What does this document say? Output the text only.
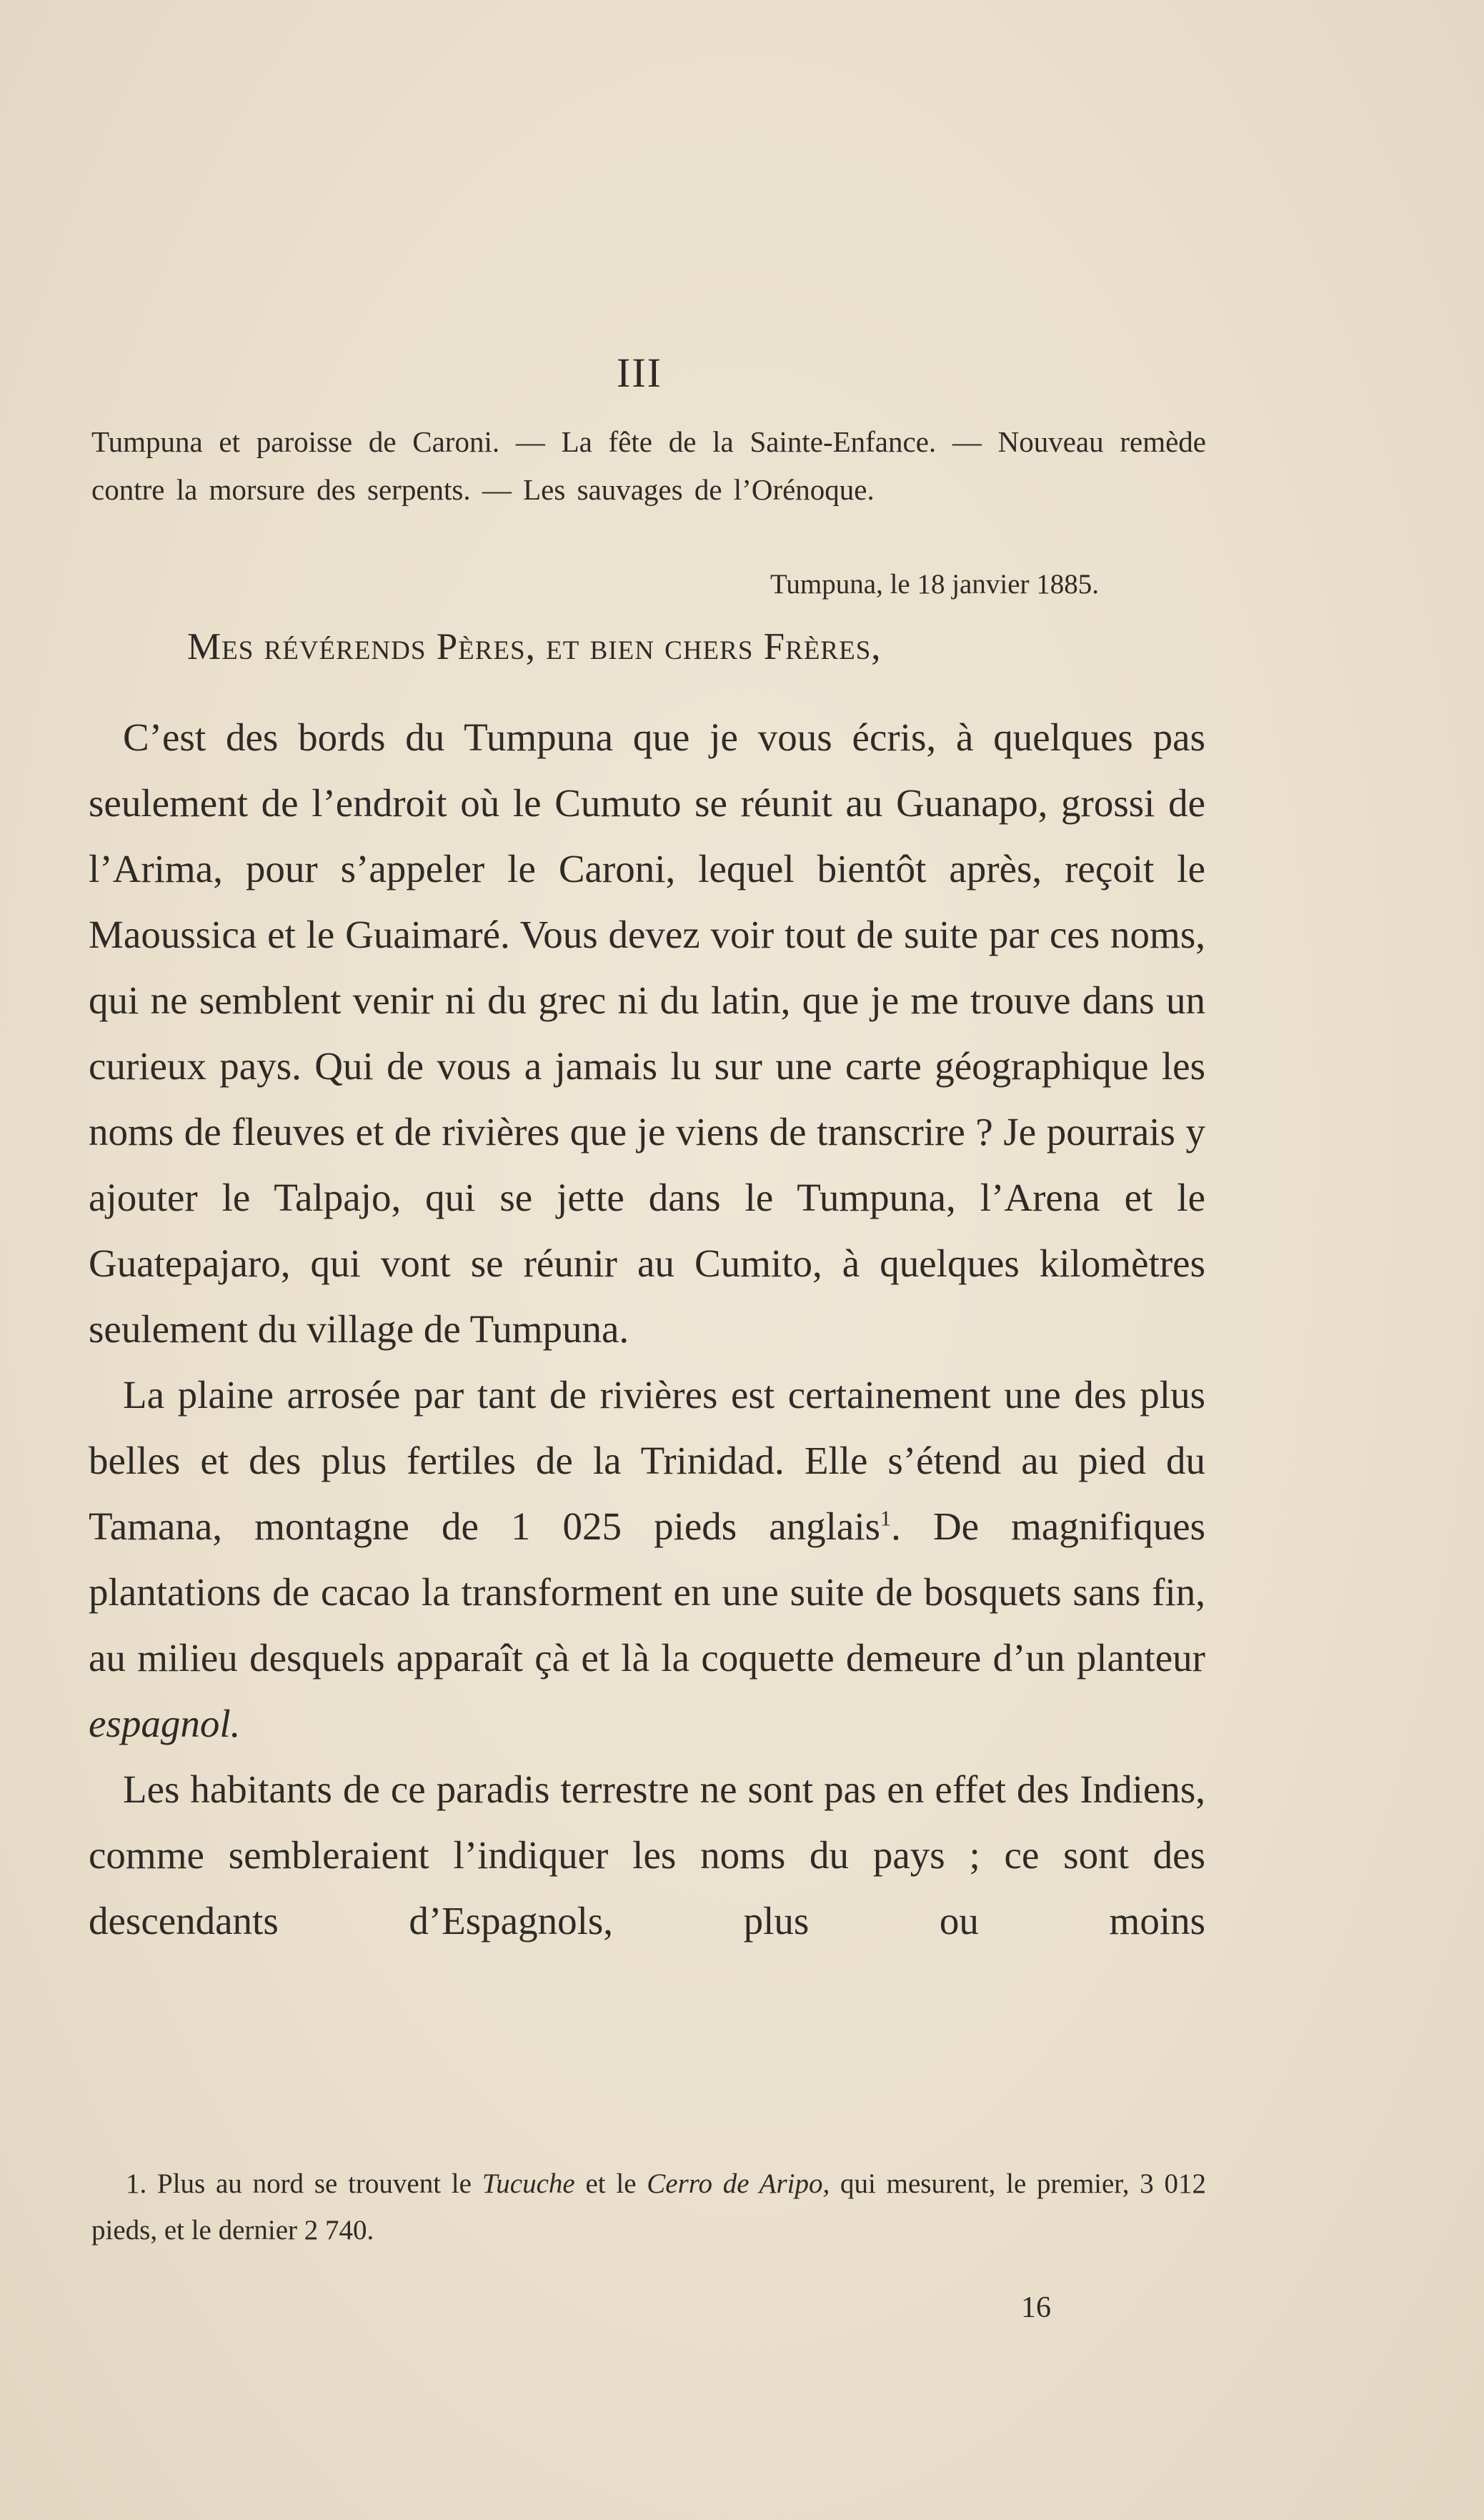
III
Tumpuna et paroisse de Caroni. — La fête de la Sainte-Enfance. — Nouveau remède contre la morsure des serpents. — Les sauvages de l’Orénoque.
Tumpuna, le 18 janvier 1885.
Mes révérends Pères, et bien chers Frères,

C’est des bords du Tumpuna que je vous écris, à quelques pas seulement de l’endroit où le Cumuto se réunit au Guanapo, grossi de l’Arima, pour s’appeler le Caroni, lequel bientôt après, reçoit le Maoussica et le Guaimaré. Vous devez voir tout de suite par ces noms, qui ne semblent venir ni du grec ni du latin, que je me trouve dans un curieux pays. Qui de vous a jamais lu sur une carte géographique les noms de fleuves et de rivières que je viens de transcrire ? Je pourrais y ajouter le Talpajo, qui se jette dans le Tumpuna, l’Arena et le Guatepajaro, qui vont se réunir au Cumito, à quelques kilomètres seulement du village de Tumpuna.

La plaine arrosée par tant de rivières est certainement une des plus belles et des plus fertiles de la Trinidad. Elle s’étend au pied du Tamana, montagne de 1 025 pieds anglais$^1$. De magnifiques plantations de cacao la transforment en une suite de bosquets sans fin, au milieu desquels apparaît çà et là la coquette demeure d’un planteur espagnol.

Les habitants de ce paradis terrestre ne sont pas en effet des Indiens, comme sembleraient l’indiquer les noms du pays ; ce sont des descendants d’Espagnols, plus ou moins

1. Plus au nord se trouvent le Tucuche et le Cerro de Aripo, qui mesurent, le premier, 3 012 pieds, et le dernier 2 740.
16
